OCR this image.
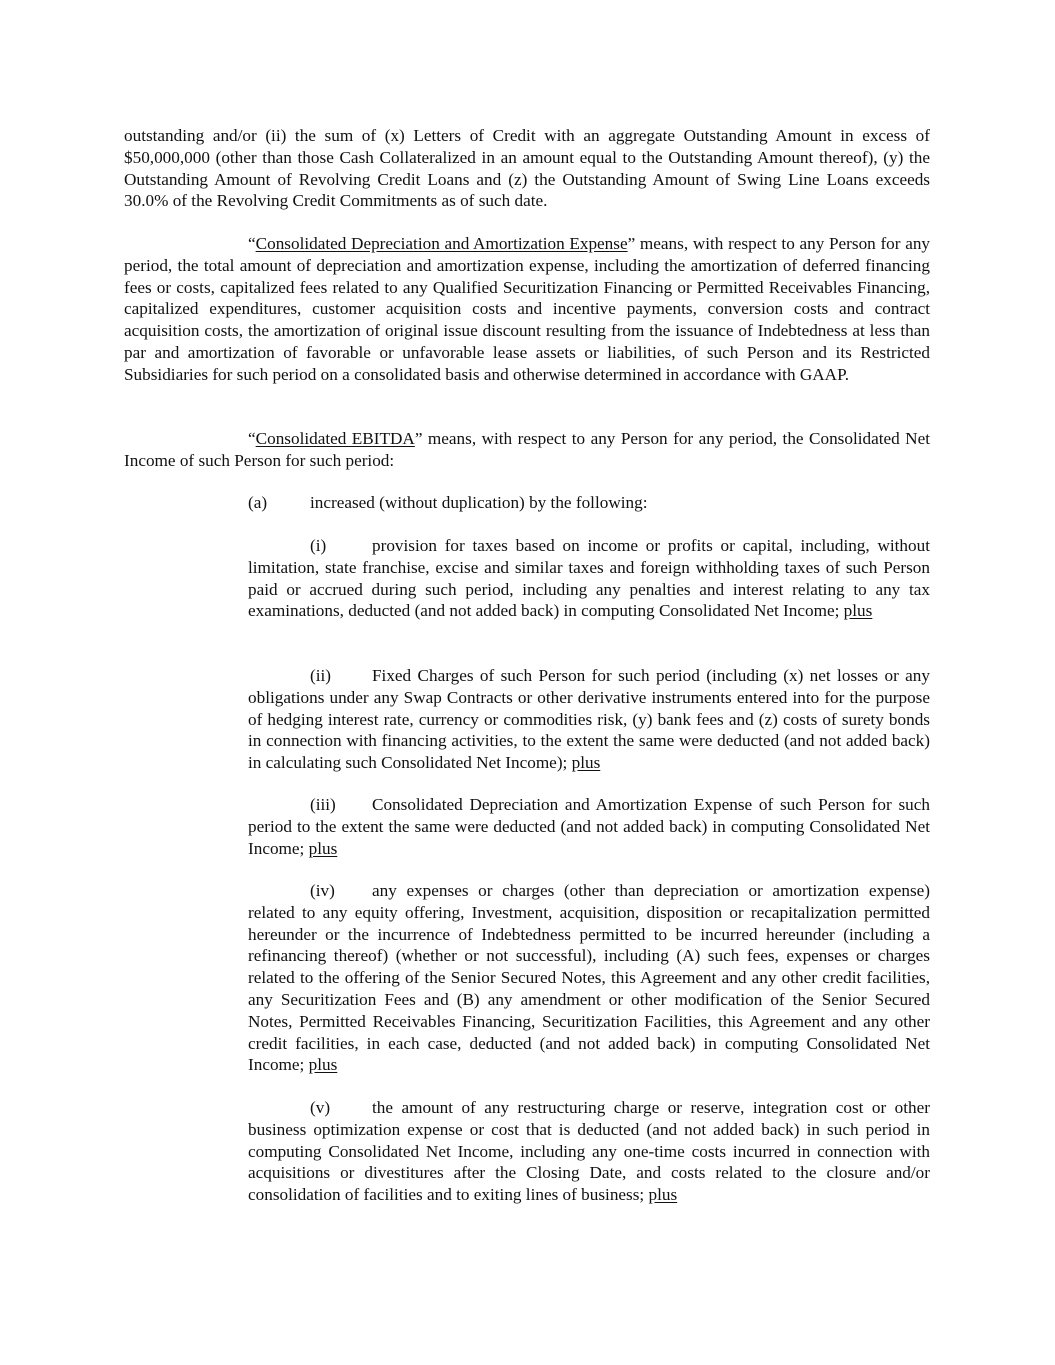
outstanding and/or (ii) the sum of (x) Letters of Credit with an aggregate Outstanding Amount in excess of $50,000,000 (other than those Cash Collateralized in an amount equal to the Outstanding Amount thereof), (y) the Outstanding Amount of Revolving Credit Loans and (z) the Outstanding Amount of Swing Line Loans exceeds 30.0% of the Revolving Credit Commitments as of such date.

“Consolidated Depreciation and Amortization Expense” means, with respect to any Person for any period, the total amount of depreciation and amortization expense, including the amortization of deferred financing fees or costs, capitalized fees related to any Qualified Securitization Financing or Permitted Receivables Financing, capitalized expenditures, customer acquisition costs and incentive payments, conversion costs and contract acquisition costs, the amortization of original issue discount resulting from the issuance of Indebtedness at less than par and amortization of favorable or unfavorable lease assets or liabilities, of such Person and its Restricted Subsidiaries for such period on a consolidated basis and otherwise determined in accordance with GAAP.

“Consolidated EBITDA” means, with respect to any Person for any period, the Consolidated Net Income of such Person for such period:

(a) increased (without duplication) by the following:

(i)	provision for taxes based on income or profits or capital, including, without limitation, state franchise, excise and similar taxes and foreign withholding taxes of such Person paid or accrued during such period, including any penalties and interest relating to any tax examinations, deducted (and not added back) in computing Consolidated Net Income; plus

(ii) Fixed Charges of such Person for such period (including (x) net losses or any obligations under any Swap Contracts or other derivative instruments entered into for the purpose of hedging interest rate, currency or commodities risk, (y) bank fees and (z) costs of surety bonds in connection with financing activities, to the extent the same were deducted (and not added back) in calculating such Consolidated Net Income); plus

(iii) Consolidated Depreciation and Amortization Expense of such Person for such period to the extent the same were deducted (and not added back) in computing Consolidated Net Income; plus

(iv) any expenses or charges (other than depreciation or amortization expense) related to any equity offering, Investment, acquisition, disposition or recapitalization permitted hereunder or the incurrence of Indebtedness permitted to be incurred hereunder (including a refinancing thereof) (whether or not successful), including (A) such fees, expenses or charges related to the offering of the Senior Secured Notes, this Agreement and any other credit facilities, any Securitization Fees and (B) any amendment or other modification of the Senior Secured Notes, Permitted Receivables Financing, Securitization Facilities, this Agreement and any other credit facilities, in each case, deducted (and not added back) in computing Consolidated Net Income; plus

(v) the amount of any restructuring charge or reserve, integration cost or other business optimization expense or cost that is deducted (and not added back) in such period in computing Consolidated Net Income, including any one-time costs incurred in connection with acquisitions or divestitures after the Closing Date, and costs related to the closure and/or consolidation of facilities and to exiting lines of business; plus
